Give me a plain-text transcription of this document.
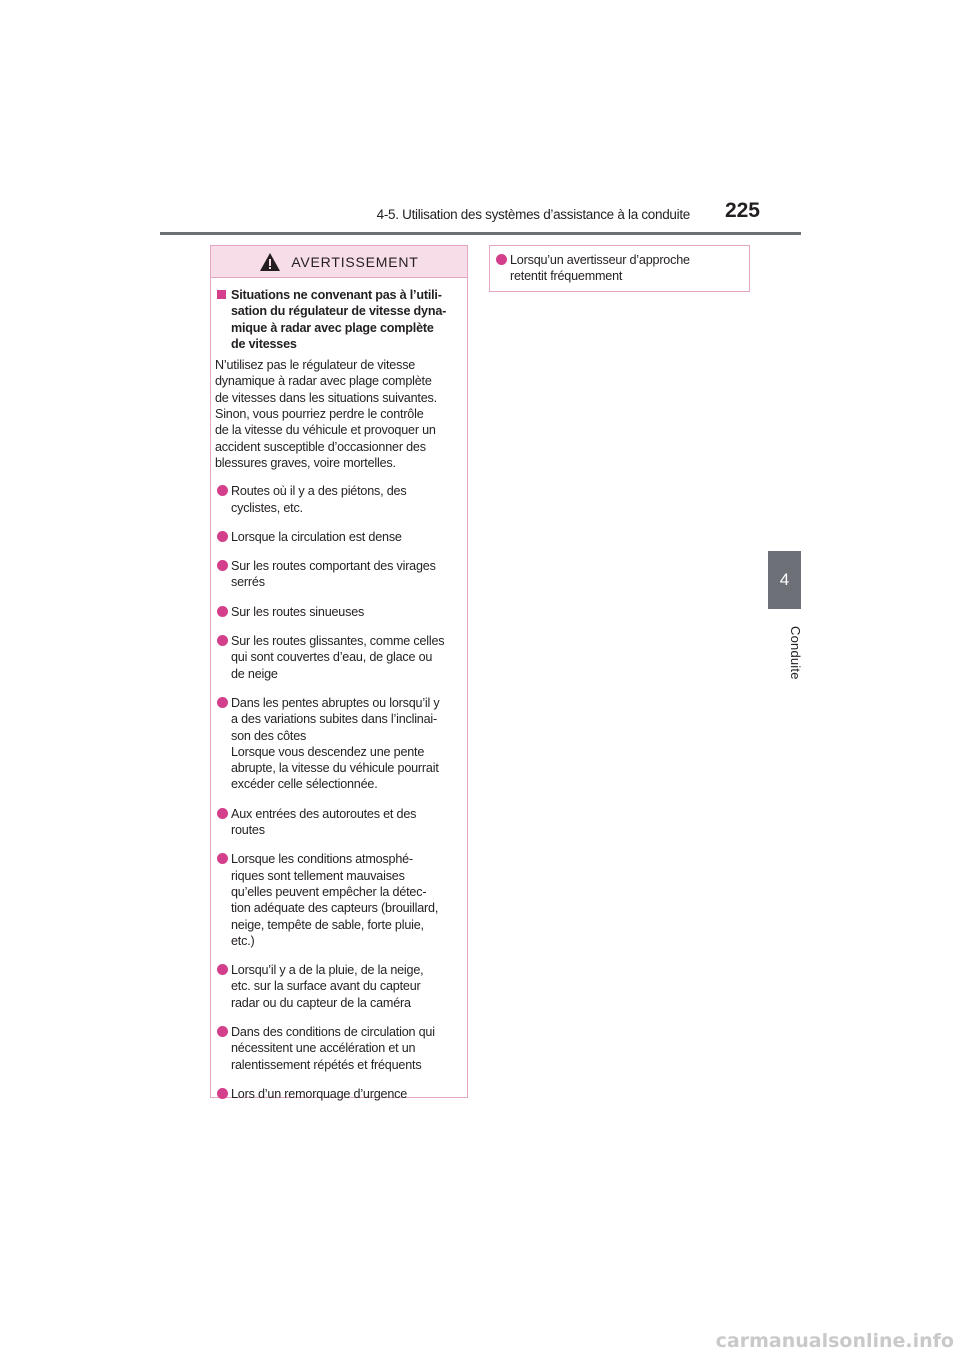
4-5. Utilisation des systèmes d’assistance à la conduite	225
4
Conduite
AVERTISSEMENT
Situations ne convenant pas à l’utili-
sation du régulateur de vitesse dyna-
mique à radar avec plage complète
de vitesses
N’utilisez pas le régulateur de vitesse
dynamique à radar avec plage complète
de vitesses dans les situations suivantes.
Sinon, vous pourriez perdre le contrôle
de la vitesse du véhicule et provoquer un
accident susceptible d’occasionner des
blessures graves, voire mortelles.
Routes où il y a des piétons, des
cyclistes, etc.
Lorsque la circulation est dense
Sur les routes comportant des virages
serrés
Sur les routes sinueuses
Sur les routes glissantes, comme celles
qui sont couvertes d’eau, de glace ou
de neige
Dans les pentes abruptes ou lorsqu’il y
a des variations subites dans l’inclinai-
son des côtes
Lorsque vous descendez une pente
abrupte, la vitesse du véhicule pourrait
excéder celle sélectionnée.
Aux entrées des autoroutes et des
routes
Lorsque les conditions atmosphé-
riques sont tellement mauvaises
qu’elles peuvent empêcher la détec-
tion adéquate des capteurs (brouillard,
neige, tempête de sable, forte pluie,
etc.)
Lorsqu’il y a de la pluie, de la neige,
etc. sur la surface avant du capteur
radar ou du capteur de la caméra
Dans des conditions de circulation qui
nécessitent une accélération et un
ralentissement répétés et fréquents
Lors d’un remorquage d’urgence
Lorsqu’un avertisseur d’approche
retentit fréquemment
carmanualsonline.info
